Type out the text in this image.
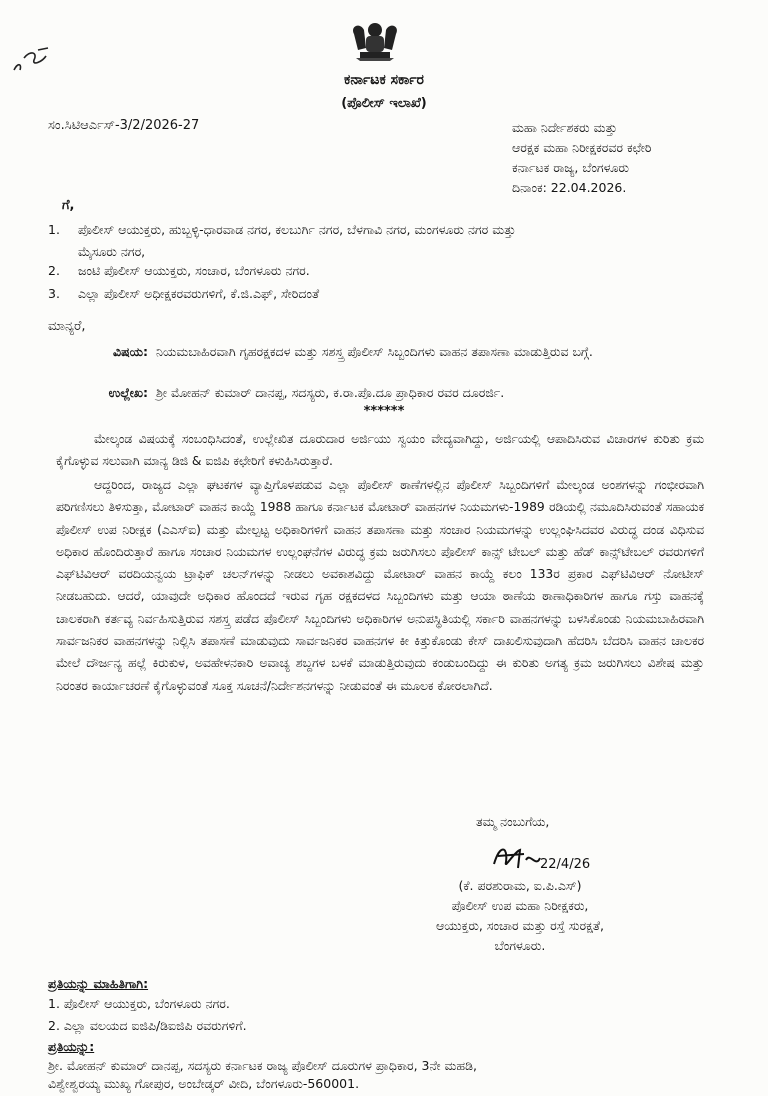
ಕರ್ನಾಟಕ ಸರ್ಕಾರ
(ಪೊಲೀಸ್ ಇಲಾಖೆ)
ಸಂ.ಸಿಟಿಆರ್ಎಸ್-3/2/2026-27	ಮಹಾ ನಿರ್ದೇಶಕರು ಮತ್ತು
ಆರಕ್ಷಕ ಮಹಾ ನಿರೀಕ್ಷಕರವರ ಕಛೇರಿ
ಕರ್ನಾಟಕ ರಾಜ್ಯ, ಬೆಂಗಳೂರು
ದಿನಾಂಕ: 22.04.2026.
ಗೆ,
1. ಪೊಲೀಸ್ ಆಯುಕ್ತರು, ಹುಬ್ಬಳ್ಳಿ-ಧಾರವಾಡ ನಗರ, ಕಲಬುರ್ಗಿ ನಗರ, ಬೆಳಗಾವಿ ನಗರ, ಮಂಗಳೂರು ನಗರ ಮತ್ತು
ಮೈಸೂರು ನಗರ,
2. ಜಂಟಿ ಪೊಲೀಸ್ ಆಯುಕ್ತರು, ಸಂಚಾರ, ಬೆಂಗಳೂರು ನಗರ.
3. ಎಲ್ಲಾ ಪೊಲೀಸ್ ಅಧೀಕ್ಷಕರವರುಗಳಿಗೆ, ಕೆ.ಜಿ.ಎಫ್, ಸೇರಿದಂತೆ
ಮಾನ್ಯರೆ,
ವಿಷಯ: ನಿಯಮಬಾಹಿರವಾಗಿ ಗೃಹರಕ್ಷಕದಳ ಮತ್ತು ಸಶಸ್ತ್ರ ಪೊಲೀಸ್ ಸಿಬ್ಬಂದಿಗಳು ವಾಹನ ತಪಾಸಣಾ ಮಾಡುತ್ತಿರುವ ಬಗ್ಗೆ.
ಉಲ್ಲೇಖ: ಶ್ರೀ ಮೋಹನ್ ಕುಮಾರ್ ದಾನಪ್ಪ, ಸದಸ್ಯರು, ಕ.ರಾ.ಪೊ.ದೂ ಪ್ರಾಧಿಕಾರ ರವರ ದೂರರ್ಜಿ.
******
ಮೇಲ್ಕಂಡ ವಿಷಯಕ್ಕೆ ಸಂಬಂಧಿಸಿದಂತೆ, ಉಲ್ಲೇಖಿತ ದೂರುದಾರ ಅರ್ಜಿಯು ಸ್ವಯಂ ವೇದ್ಯವಾಗಿದ್ದು, ಅರ್ಜಿಯಲ್ಲಿ ಆಪಾದಿಸಿರುವ ವಿಚಾರಗಳ ಕುರಿತು ಕ್ರಮ ಕೈಗೊಳ್ಳುವ ಸಲುವಾಗಿ ಮಾನ್ಯ ಡಿಜಿ & ಐಜಿಪಿ ಕಛೇರಿಗೆ ಕಳುಹಿಸಿರುತ್ತಾರೆ.
ಆದ್ದರಿಂದ, ರಾಜ್ಯದ ಎಲ್ಲಾ ಘಟಕಗಳ ವ್ಯಾಪ್ತಿಗೊಳಪಡುವ ಎಲ್ಲಾ ಪೊಲೀಸ್ ಠಾಣೆಗಳಲ್ಲಿನ ಪೊಲೀಸ್ ಸಿಬ್ಬಂದಿಗಳಿಗೆ ಮೇಲ್ಕಂಡ ಅಂಶಗಳನ್ನು ಗಂಭೀರವಾಗಿ ಪರಿಗಣಿಸಲು ತಿಳಿಸುತ್ತಾ, ಮೋಟಾರ್ ವಾಹನ ಕಾಯ್ದೆ 1988 ಹಾಗೂ ಕರ್ನಾಟಕ ಮೋಟಾರ್ ವಾಹನಗಳ ನಿಯಮಗಳು-1989 ರಡಿಯಲ್ಲಿ ನಮೂದಿಸಿರುವಂತೆ ಸಹಾಯಕ ಪೊಲೀಸ್ ಉಪ ನಿರೀಕ್ಷಕ (ಎಎಸ್ಐ) ಮತ್ತು ಮೇಲ್ಪಟ್ಟ ಅಧಿಕಾರಿಗಳಿಗೆ ವಾಹನ ತಪಾಸಣಾ ಮತ್ತು ಸಂಚಾರ ನಿಯಮಗಳನ್ನು ಉಲ್ಲಂಘಿಸಿದವರ ವಿರುದ್ಧ ದಂಡ ವಿಧಿಸುವ ಅಧಿಕಾರ ಹೊಂದಿರುತ್ತಾರೆ ಹಾಗೂ ಸಂಚಾರ ನಿಯಮಗಳ ಉಲ್ಲಂಘನೆಗಳ ವಿರುದ್ಧ ಕ್ರಮ ಜರುಗಿಸಲು ಪೊಲೀಸ್ ಕಾನ್ಸ್ ಟೇಬಲ್ ಮತ್ತು ಹೆಡ್ ಕಾನ್ಸ್‌ಟೇಬಲ್ ರವರುಗಳಿಗೆ ಎಫ್‌ಟಿವಿಆರ್ ವರದಿಯನ್ವಯ ಟ್ರಾಫಿಕ್ ಚಲನ್‌ಗಳನ್ನು ನೀಡಲು ಅವಕಾಶವಿದ್ದು ಮೋಟಾರ್ ವಾಹನ ಕಾಯ್ದೆ ಕಲಂ 133ರ ಪ್ರಕಾರ ಎಫ್‌ಟಿವಿಆರ್ ನೋಟೀಸ್ ನೀಡಬಹುದು. ಆದರೆ, ಯಾವುದೇ ಅಧಿಕಾರ ಹೊಂದದೆ ಇರುವ ಗೃಹ ರಕ್ಷಕದಳದ ಸಿಬ್ಬಂದಿಗಳು ಮತ್ತು ಆಯಾ ಠಾಣೆಯ ಠಾಣಾಧಿಕಾರಿಗಳ ಹಾಗೂ ಗಸ್ತು ವಾಹನಕ್ಕೆ ಚಾಲಕರಾಗಿ ಕರ್ತವ್ಯ ನಿರ್ವಹಿಸುತ್ತಿರುವ ಸಶಸ್ತ್ರ ಪಡೆದ ಪೊಲೀಸ್ ಸಿಬ್ಬಂದಿಗಳು ಅಧಿಕಾರಿಗಳ ಅನುಪಸ್ಥಿತಿಯಲ್ಲಿ ಸರ್ಕಾರಿ ವಾಹನಗಳನ್ನು ಬಳಸಿಕೊಂಡು ನಿಯಮಬಾಹಿರವಾಗಿ ಸಾರ್ವಜನಿಕರ ವಾಹನಗಳನ್ನು ನಿಲ್ಲಿಸಿ ತಪಾಸಣೆ ಮಾಡುವುದು ಸಾರ್ವಜನಿಕರ ವಾಹನಗಳ ಕೀ ಕಿತ್ತುಕೊಂಡು ಕೇಸ್ ದಾಖಲಿಸುವುದಾಗಿ ಹೆದರಿಸಿ ಬೆದರಿಸಿ ವಾಹನ ಚಾಲಕರ ಮೇಲೆ ದೌರ್ಜನ್ಯ ಹಲ್ಲೆ ಕಿರುಕುಳ, ಅವಹೇಳನಕಾರಿ ಅವಾಚ್ಯ ಶಬ್ದಗಳ ಬಳಕೆ ಮಾಡುತ್ತಿರುವುದು ಕಂಡುಬಂದಿದ್ದು ಈ ಕುರಿತು ಅಗತ್ಯ ಕ್ರಮ ಜರುಗಿಸಲು ವಿಶೇಷ ಮತ್ತು ನಿರಂತರ ಕಾರ್ಯಾಚರಣೆ ಕೈಗೊಳ್ಳುವಂತೆ ಸೂಕ್ತ ಸೂಚನೆ/ನಿರ್ದೇಶನಗಳನ್ನು ನೀಡುವಂತೆ ಈ ಮೂಲಕ ಕೋರಲಾಗಿದೆ.
ತಮ್ಮ ನಂಬುಗೆಯ,
22/4/26
(ಕೆ. ಪರಶುರಾಮ, ಐ.ಪಿ.ಎಸ್)
ಪೊಲೀಸ್ ಉಪ ಮಹಾ ನಿರೀಕ್ಷಕರು,
ಆಯುಕ್ತರು, ಸಂಚಾರ ಮತ್ತು ರಸ್ತೆ ಸುರಕ್ಷತೆ,
ಬೆಂಗಳೂರು.
ಪ್ರತಿಯನ್ನು ಮಾಹಿತಿಗಾಗಿ:
1. ಪೊಲೀಸ್ ಆಯುಕ್ತರು, ಬೆಂಗಳೂರು ನಗರ.
2. ಎಲ್ಲಾ ವಲಯದ ಐಜಿಪಿ/ಡಿಐಜಿಪಿ ರವರುಗಳಿಗೆ.
ಪ್ರತಿಯನ್ನು:
ಶ್ರೀ. ಮೋಹನ್ ಕುಮಾರ್ ದಾನಪ್ಪ, ಸದಸ್ಯರು ಕರ್ನಾಟಕ ರಾಜ್ಯ ಪೊಲೀಸ್ ದೂರುಗಳ ಪ್ರಾಧಿಕಾರ, 3ನೇ ಮಹಡಿ,
ವಿಶ್ವೇಶ್ವರಯ್ಯ ಮುಖ್ಯ ಗೋಪುರ, ಅಂಬೇಡ್ಕರ್ ವೀದಿ, ಬೆಂಗಳೂರು-560001.
